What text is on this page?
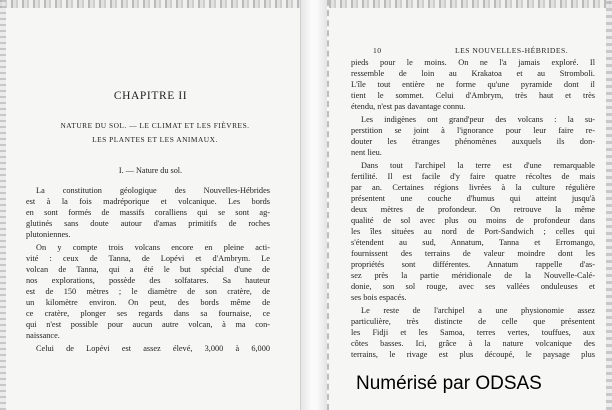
CHAPITRE II
NATURE DU SOL. — LE CLIMAT ET LES FIÈVRES.
LES PLANTES ET LES ANIMAUX.
I. — Nature du sol.
La constitution géologique des Nouvelles-Hébrides
est à la fois madréporique et volcanique. Les bords
en sont formés de massifs coralliens qui se sont ag-
glutinés sans doute autour d'amas primitifs de roches
plutoniennes.
On y compte trois volcans encore en pleine acti-
vité : ceux de Tanna, de Lopévi et d'Ambrym. Le
volcan de Tanna, qui a été le but spécial d'une de
nos explorations, possède des solfatares. Sa hauteur
est de 150 mètres ; le diamètre de son cratère, de
un kilomètre environ. On peut, des bords même de
ce cratère, plonger ses regards dans sa fournaise, ce
qui n'est possible pour aucun autre volcan, à ma con-
naissance.
Celui de Lopévi est assez élevé, 3,000 à 6,000
10	LES NOUVELLES-HÉBRIDES.
pieds pour le moins. On ne l'a jamais exploré. Il
ressemble de loin au Krakatoa et au Stromboli.
L'île tout entière ne forme qu'une pyramide dont il
tient le sommet. Celui d'Ambrym, très haut et très
étendu, n'est pas davantage connu.
Les indigènes ont grand'peur des volcans : la su-
perstition se joint à l'ignorance pour leur faire re-
douter les étranges phénomènes auxquels ils don-
nent lieu.
Dans tout l'archipel la terre est d'une remarquable
fertilité. Il est facile d'y faire quatre récoltes de mais
par an. Certaines régions livrées à la culture régulière
présentent une couche d'humus qui atteint jusqu'à
deux mètres de profondeur. On retrouve la même
qualité de sol avec plus ou moins de profondeur dans
les îles situées au nord de Port-Sandwich ; celles qui
s'étendent au sud, Annatum, Tanna et Erromango,
fournissent des terrains de valeur moindre dont les
propriétés sont différentes. Annatum rappelle d'as-
sez près la partie méridionale de la Nouvelle-Calé-
donie, son sol rouge, avec ses vallées onduleuses et
ses bois espacés.
Le reste de l'archipel a une physionomie assez
particulière, très distincte de celle que présentent
les Fidji et les Samoa, terres vertes, touffues, aux
côtes basses. Ici, grâce à la nature volcanique des
terrains, le rivage est plus découpé, le paysage plus
Numérisé par ODSAS
